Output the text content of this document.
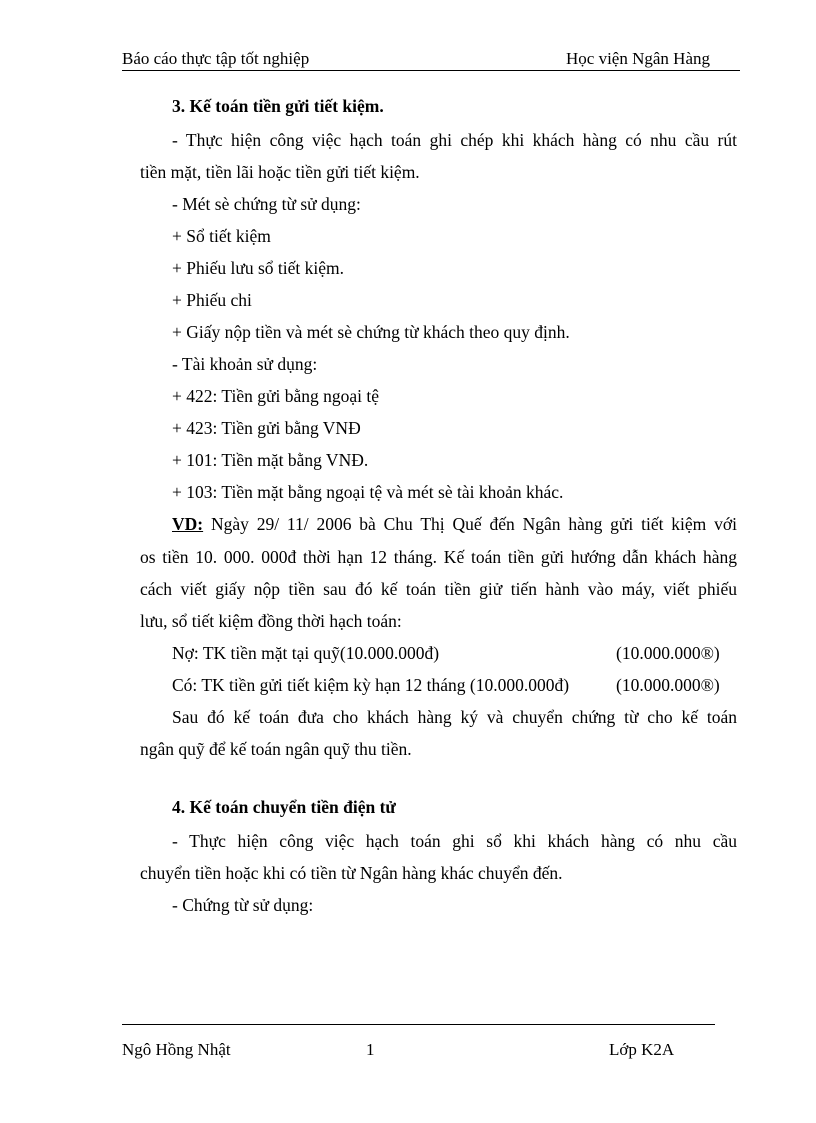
Báo cáo thực tập tốt nghiệp	Học viện Ngân Hàng
3. Kế toán tiền gửi tiết kiệm.
- Thực hiện công việc hạch toán ghi chép khi khách hàng có nhu cầu rút
tiền mặt, tiền lãi hoặc tiền gửi tiết kiệm.
- Mét sè chứng từ sử dụng:
+ Sổ tiết kiệm
+ Phiếu lưu sổ tiết kiệm.
+ Phiếu chi
+ Giấy nộp tiền và mét sè chứng từ khách theo quy định.
- Tài khoản sử dụng:
+ 422: Tiền gửi bằng ngoại tệ
+ 423: Tiền gửi bằng VNĐ
+ 101: Tiền mặt bằng VNĐ.
+ 103: Tiền mặt bằng ngoại tệ và mét sè tài khoản khác.
VD: Ngày 29/ 11/ 2006 bà Chu Thị Quế đến Ngân hàng gửi tiết kiệm với
os tiền 10. 000. 000đ thời hạn 12 tháng. Kế toán tiền gửi hướng dẫn khách hàng
cách viết giấy nộp tiền sau đó kế toán tiền giử tiến hành vào máy, viết phiếu
lưu, sổ tiết kiệm đồng thời hạch toán:
Nợ: TK tiền mặt tại quỹ(10.000.000đ)	(10.000.000®)
Có: TK tiền gửi tiết kiệm kỳ hạn 12 tháng (10.000.000đ)	(10.000.000®)
Sau đó kế toán đưa cho khách hàng ký và chuyển chứng từ cho kế toán
ngân quỹ để kế toán ngân quỹ thu tiền.
4. Kế toán chuyển tiền điện tử
- Thực hiện công việc hạch toán ghi sổ khi khách hàng có nhu cầu
chuyển tiền hoặc khi có tiền từ Ngân hàng khác chuyển đến.
- Chứng từ sử dụng:
Ngô Hồng Nhật	1	Lớp K2A
